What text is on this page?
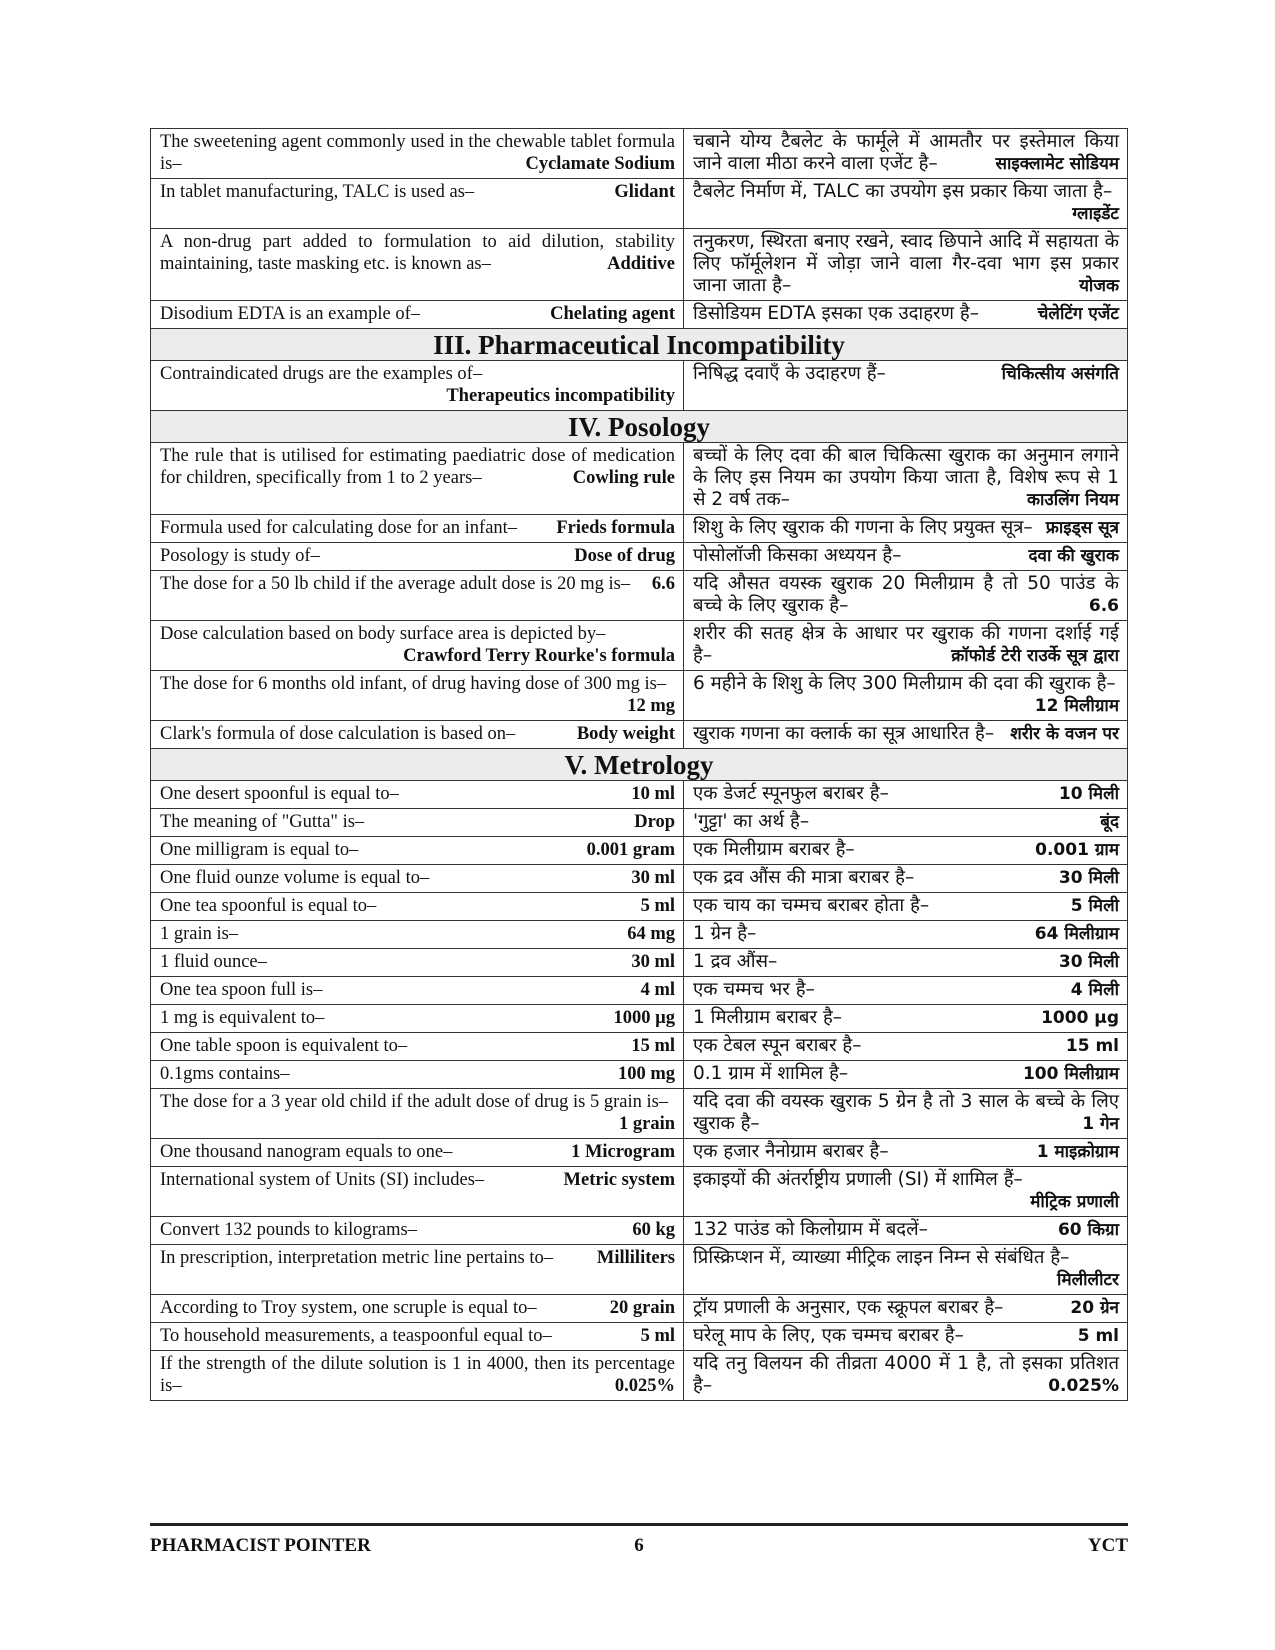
The sweetening agent commonly used in the chewable tablet formula is– Cyclamate Sodium	चबाने योग्य टैबलेट के फार्मूले में आमतौर पर इस्तेमाल किया जाने वाला मीठा करने वाला एजेंट है– साइक्लामेट सोडियम

In tablet manufacturing, TALC is used as– Glidant	टैबलेट निर्माण में, TALC का उपयोग इस प्रकार किया जाता है–
ग्लाइडेंट

A non-drug part added to formulation to aid dilution, stability maintaining, taste masking etc. is known as– Additive	तनुकरण, स्थिरता बनाए रखने, स्वाद छिपाने आदि में सहायता के लिए फॉर्मूलेशन में जोड़ा जाने वाला गैर-दवा भाग इस प्रकार जाना जाता है– योजक

Disodium EDTA is an example of– Chelating agent	डिसोडियम EDTA इसका एक उदाहरण है– चेलेटिंग एजेंट

III. Pharmaceutical Incompatibility	
Contraindicated drugs are the examples of–
Therapeutics incompatibility	निषिद्ध दवाएँ के उदाहरण हैं– चिकित्सीय असंगति

IV. Posology	
The rule that is utilised for estimating paediatric dose of medication for children, specifically from 1 to 2 years– Cowling rule	बच्चों के लिए दवा की बाल चिकित्सा खुराक का अनुमान लगाने के लिए इस नियम का उपयोग किया जाता है, विशेष रूप से 1 से 2 वर्ष तक– काउलिंग नियम

Formula used for calculating dose for an infant– Frieds formula	शिशु के लिए खुराक की गणना के लिए प्रयुक्त सूत्र– फ्राइड्स सूत्र

Posology is study of– Dose of drug	पोसोलॉजी किसका अध्ययन है– दवा की खुराक

The dose for a 50 lb child if the average adult dose is 20 mg is– 6.6	यदि औसत वयस्क खुराक 20 मिलीग्राम है तो 50 पाउंड के बच्चे के लिए खुराक है– 6.6

Dose calculation based on body surface area is depicted by–
Crawford Terry Rourke's formula	शरीर की सतह क्षेत्र के आधार पर खुराक की गणना दर्शाई गई है– क्रॉफोर्ड टेरी राउर्के सूत्र द्वारा

The dose for 6 months old infant, of drug having dose of 300 mg is–
12 mg	6 महीने के शिशु के लिए 300 मिलीग्राम की दवा की खुराक है–
12 मिलीग्राम

Clark's formula of dose calculation is based on– Body weight	खुराक गणना का क्लार्क का सूत्र आधारित है– शरीर के वजन पर

V. Metrology	
One desert spoonful is equal to– 10 ml	एक डेजर्ट स्पूनफुल बराबर है– 10 मिली

The meaning of "Gutta" is– Drop	'गुट्टा' का अर्थ है– बूंद

One milligram is equal to– 0.001 gram	एक मिलीग्राम बराबर है– 0.001 ग्राम

One fluid ounze volume is equal to– 30 ml	एक द्रव औंस की मात्रा बराबर है– 30 मिली

One tea spoonful is equal to– 5 ml	एक चाय का चम्मच बराबर होता है– 5 मिली

1 grain is– 64 mg	1 ग्रेन है– 64 मिलीग्राम

1 fluid ounce– 30 ml	1 द्रव औंस– 30 मिली

One tea spoon full is– 4 ml	एक चम्मच भर है– 4 मिली

1 mg is equivalent to– 1000 µg	1 मिलीग्राम बराबर है– 1000 µg

One table spoon is equivalent to– 15 ml	एक टेबल स्पून बराबर है– 15 ml

0.1gms contains– 100 mg	0.1 ग्राम में शामिल है– 100 मिलीग्राम

The dose for a 3 year old child if the adult dose of drug is 5 grain is–
1 grain	यदि दवा की वयस्क खुराक 5 ग्रेन है तो 3 साल के बच्चे के लिए खुराक है– 1 गेन

One thousand nanogram equals to one– 1 Microgram	एक हजार नैनोग्राम बराबर है– 1 माइक्रोग्राम

International system of Units (SI) includes– Metric system	इकाइयों की अंतर्राष्ट्रीय प्रणाली (SI) में शामिल हैं–
मीट्रिक प्रणाली

Convert 132 pounds to kilograms– 60 kg	132 पाउंड को किलोग्राम में बदलें– 60 किग्रा

In prescription, interpretation metric line pertains to– Milliliters	प्रिस्क्रिप्शन में, व्याख्या मीट्रिक लाइन निम्न से संबंधित है–
मिलीलीटर

According to Troy system, one scruple is equal to– 20 grain	ट्रॉय प्रणाली के अनुसार, एक स्क्रूपल बराबर है– 20 ग्रेन

To household measurements, a teaspoonful equal to– 5 ml	घरेलू माप के लिए, एक चम्मच बराबर है– 5 ml

If the strength of the dilute solution is 1 in 4000, then its percentage is– 0.025%	यदि तनु विलयन की तीव्रता 4000 में 1 है, तो इसका प्रतिशत है– 0.025%
PHARMACIST POINTER	6	YCT
